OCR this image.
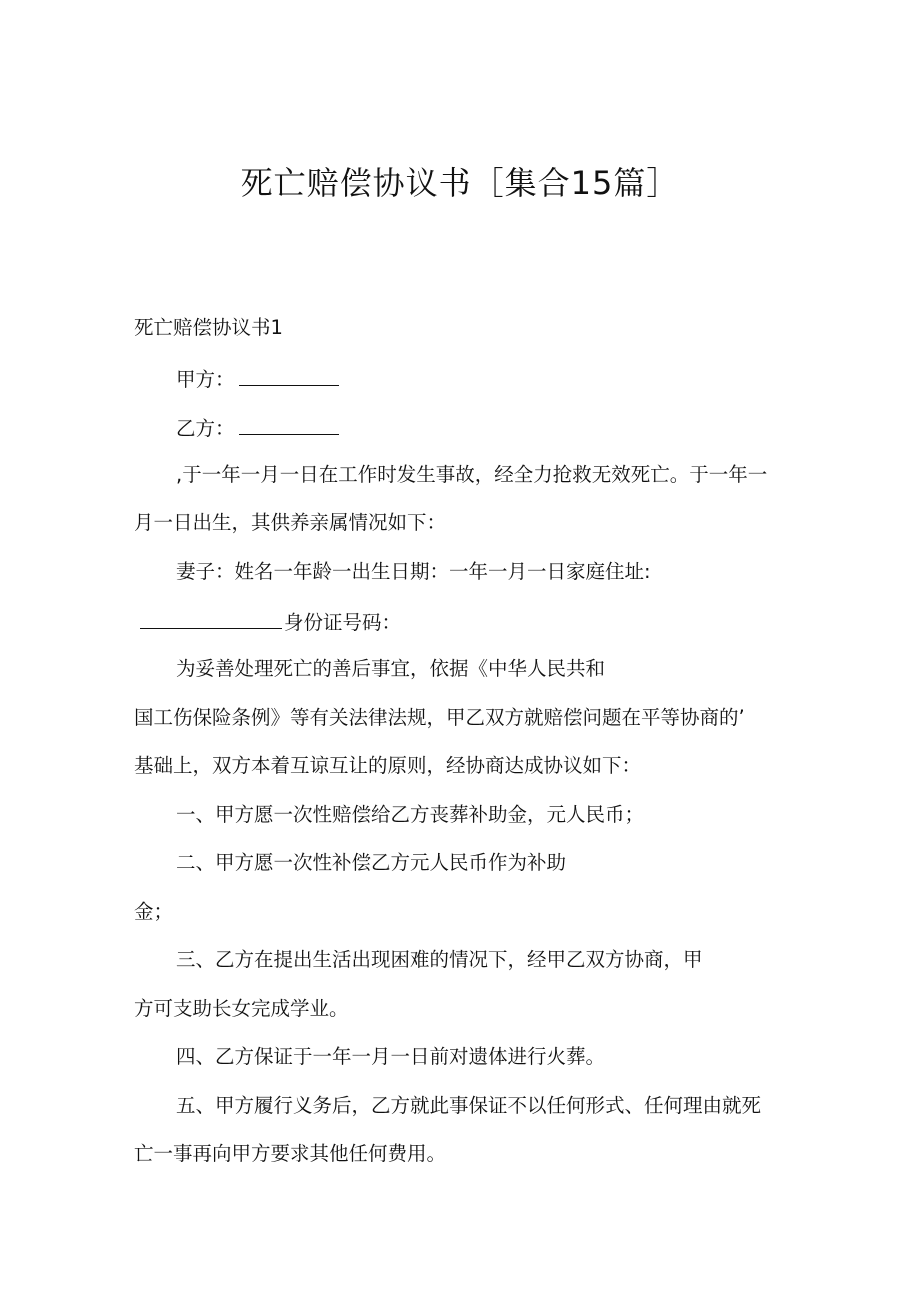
死亡赔偿协议书［集合15篇］
死亡赔偿协议书1
甲方：
乙方：
,于一年一月一日在工作时发生事故，经全力抢救无效死亡。于一年一
月一日出生，其供养亲属情况如下：
妻子：姓名一年龄一出生日期：一年一月一日家庭住址:
身份证号码：
为妥善处理死亡的善后事宜，依据《中华人民共和
国工伤保险条例》等有关法律法规，甲乙双方就赔偿问题在平等协商的’
基础上，双方本着互谅互让的原则，经协商达成协议如下：
一、甲方愿一次性赔偿给乙方丧葬补助金，元人民币；
二、甲方愿一次性补偿乙方元人民币作为补助
金；
三、乙方在提出生活出现困难的情况下，经甲乙双方协商，甲
方可支助长女完成学业。
四、乙方保证于一年一月一日前对遗体进行火葬。
五、甲方履行义务后，乙方就此事保证不以任何形式、任何理由就死
亡一事再向甲方要求其他任何费用。
